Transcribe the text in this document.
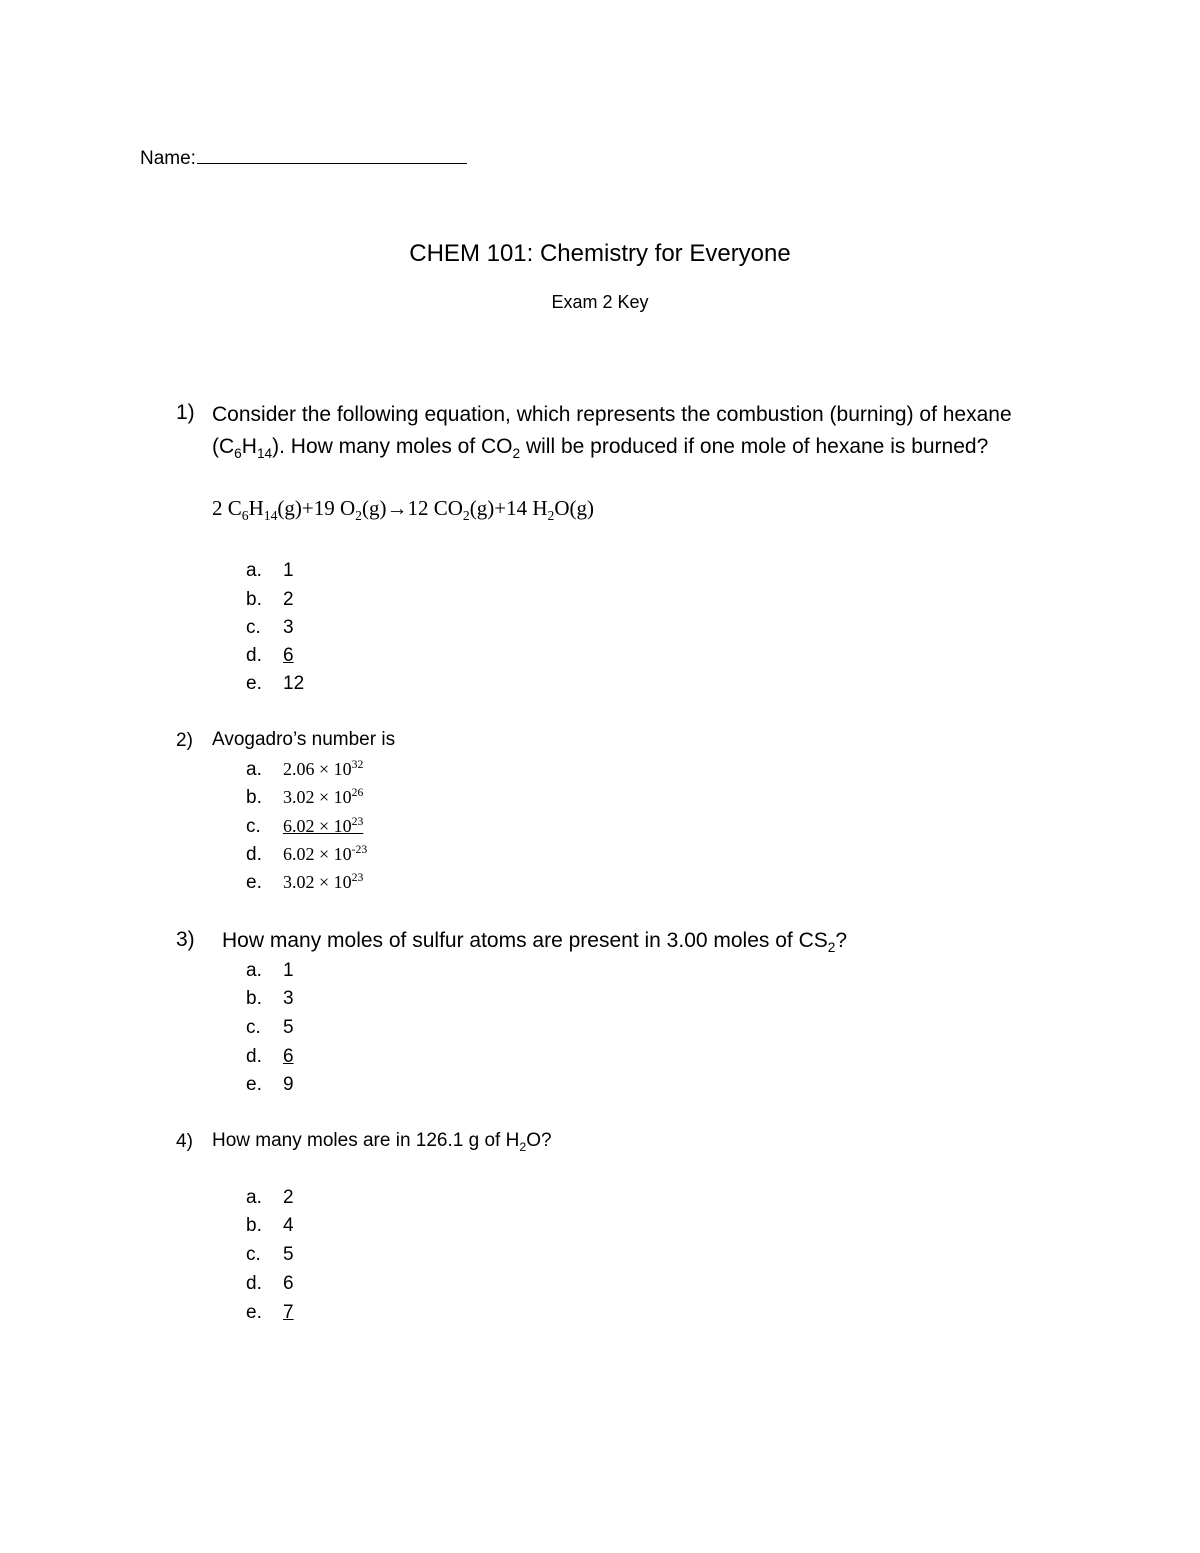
Name:
CHEM 101: Chemistry for Everyone
Exam 2 Key
1) Consider the following equation, which represents the combustion (burning) of hexane
$(C_6H_{14})$. How many moles of $CO_2$ will be produced if one mole of hexane is burned?
2 $C_6H_{14}(g)+19$ $O_2(g)\to 12$ $CO_2(g)+14$ $H_2O(g)$
a. 1
b. 2
c. 3
d. 6
e. 12
2) Avogadro’s number is
a. $2.06 \times 10^{32}$
b. $3.02 \times 10^{26}$
c. $6.02 \times 10^{23}$
d. $6.02 \times 10^{-23}$
e. $3.02 \times 10^{23}$
3) How many moles of sulfur atoms are present in 3.00 moles of $CS_2$?
a. 1
b. 3
c. 5
d. 6
e. 9
4) How many moles are in 126.1 g of $H_2O$?
a. 2
b. 4
c. 5
d. 6
e. 7
